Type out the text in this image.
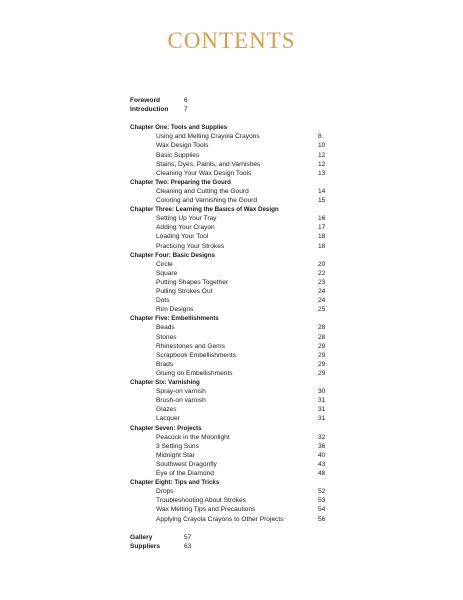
CONTENTS
Foreword	6
Introduction 7
Chapter One: Tools and Supplies
Using and Melting Crayola Crayons	8
Wax Design Tools	10
Basic Supplies	12
Stains, Dyes, Paints, and Varnishes	12
Cleaning Your Wax Design Tools	13
Chapter Two: Preparing the Gourd
Cleaning and Cutting the Gourd	14
Coloring and Varnishing the Gourd	15
Chapter Three: Learning the Basics of Wax Design
Setting Up Your Tray	16
Adding Your Crayon	17
Loading Your Tool	18
Practicing Your Strokes	18
Chapter Four: Basic Designs
Circle	20
Square	22
Putting Shapes Together	23
Pulling Strokes Out	24
Dots	24
Rim Designs	25
Chapter Five: Embellishments
Beads	28
Stones	28
Rhinestones and Gems	29
Scrapbook Embellishments	29
Brads	29
Gluing on Embellishments	29
Chapter Six: Varnishing
Spray-on varnish	30
Brush-on varnish	31
Glazes	31
Lacquer	31
Chapter Seven: Projects
Peacock in the Moonlight	32
3 Setting Suns	36
Midnight Star	40
Southwest Dragonfly	43
Eye of the Diamond	48
Chapter Eight: Tips and Tricks
Drops	52
Troubleshooting About Strokes	53
Wax Melting Tips and Precautions	54
Applying Crayola Crayons to Other Projects	56
Gallery	57
Suppliers	63
